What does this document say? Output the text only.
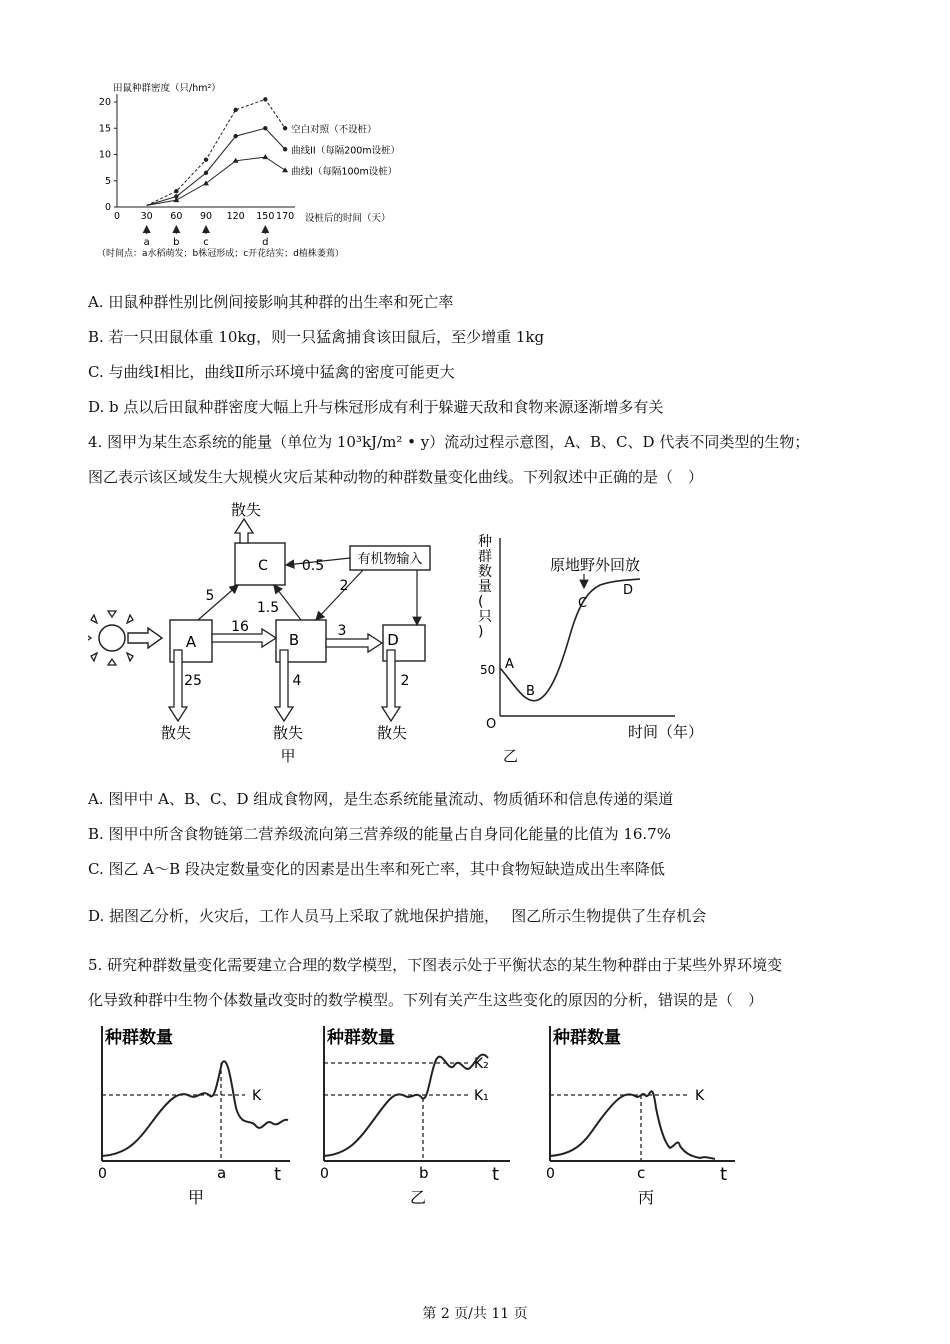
田鼠种群密度（只/hm²）
0
5
10
15
20
0 30 60 90 120 150 170 设桩后的时间（天）
a b c	d
（时间点：a水稻萌发；b株冠形成；c开花结实；d植株萎蔫）
空白对照（不设桩）
曲线II（每隔200m设桩）
曲线I（每隔100m设桩）
A. 田鼠种群性别比例间接影响其种群的出生率和死亡率
B. 若一只田鼠体重 10kg，则一只猛禽捕食该田鼠后，至少增重 1kg
C. 与曲线Ⅰ相比，曲线Ⅱ所示环境中猛禽的密度可能更大
D. b 点以后田鼠种群密度大幅上升与株冠形成有利于躲避天敌和食物来源逐渐增多有关
4. 图甲为某生态系统的能量（单位为 10³kJ/m² • y）流动过程示意图，A、B、C、D 代表不同类型的生物；
图乙表示该区域发生大规模火灾后某种动物的种群数量变化曲线。下列叙述中正确的是（　）
A	B
C
D
有机物输入
16	3
5
1.5
0.5
2
散失
25
散失
4
散失
2
散失
甲
种
群
数
量
(
只
)
O
50 A
B
C
D
原地野外回放
时间（年）
乙
A. 图甲中 A、B、C、D 组成食物网，是生态系统能量流动、物质循环和信息传递的渠道
B. 图甲中所含食物链第二营养级流向第三营养级的能量占自身同化能量的比值为 16.7%
C. 图乙 A～B 段决定数量变化的因素是出生率和死亡率，其中食物短缺造成出生率降低
D. 据图乙分析，火灾后，工作人员马上采取了就地保护措施，　 图乙所示生物提供了生存机会
5. 研究种群数量变化需要建立合理的数学模型，下图表示处于平衡状态的某生物种群由于某些外界环境变
化导致种群中生物个体数量改变时的数学模型。下列有关产生这些变化的原因的分析，错误的是（　）
种群数量
K
0	a	t
甲
种群数量
K₂
K₁
0	b	t
乙
种群数量
K
0	c	t
丙
第 2 页/共 11 页
